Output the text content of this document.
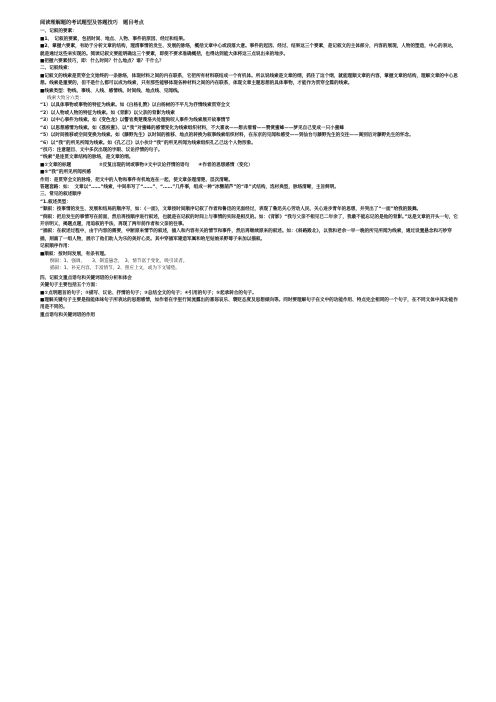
阅读理解题的考试题型及答题技巧　题目考点

一、记叙的要素：

■1、　记叙的要素，包括时间、地点、人物、事件的原因、经过和结果。

■2、掌握六要素，有助于分析文章的结构，理清事情的发生、发展的脉络，概括文章中心或段落大意。事件的起因、经过、结果这三个要素，是记叙文的主体部分，内容的展现，人物的塑造，中心的表达，就是通过这些来实现的。阅读记叙文要能明确这三个要素，即使不要求准确概括，也得达到能大体将这三点说出来的地步。

■把握六要素技巧，即：什么时间？什么地点？谁？干什么？

二、记叙线索：

■记叙文的线索是贯穿全文始终的一条脉络，体现材料之间的内在联系，它把所有材料联结成一个有机体。所以说线索是文章的纲，抓住了这个纲，就能理顺文章的内容，掌握文章的结构，理解文章的中心思想。线索是重要的，但不是什么都可以成为线索，只有那些能够体现各种材料之间的内在联系，体现文章主题思想的具体事物，才能作为贯穿全篇的线索。

■线索类型：物线、事线、人线、感情线、时间线、地点线、见闻线。

线索大致分六类：

“1）以具体事物或事物的特征为线索。如《白杨礼赞》以白杨树的不平凡为抒情线索贯穿全文

“2）以人物或人物的特征为线索。如《背影》以父亲的背影为线索

“3）以中心事件为线索。如《变色龙》以警官奥楚蔑洛夫处理狗咬人事件为线索展开故事情节

“4）以思想感情为线索。如《荔枝蜜》、以“我”对蜜蜂的感情变化为线索组织材料，不大喜欢——想去看看——赞赏蜜蜂——梦见自己变成一只小蜜蜂

“5）以时间推移或空间变换为线索。如《藤野先生》以时间的推移、地点的转换为叙事线索组织材料，在东京的见闻和感受——到仙台与藤野先生的交往——离别后对藤野先生的怀念。

“6）以“我”的所见所闻为线索。如《孔乙己》以小伙计“我”的所见所闻为线索组织孔乙己这个人物形象。

“技巧：注意题目、文中多次出现的字眼、议论抒情的句子。

“线索”是连贯文章结构的脉络，是文章的纲。

■①文章的标题　　　　　　②反复出现的词或事物③文中议论抒情的语句　　④作者的思想感情（变化）

■⑤“我”的所见所闻所感

作用：是贯穿全文的脉络，把文中的人物和事件有机地连在一起，使文章条理清楚、层次清晰。

答题套路：如：　文章以“……”线索，中间串写了“……”、“……”几件事，组成一种“冰糖葫芦”的“串”式结构，选材典型，脉络清晰，主旨鲜明。

三、常见的叙述顺序

“1.叙述类型：

“顺叙：按事情的发生、发展和结局的顺序写，如：《一面》，文章按时间顺序记叙了作者和鲁迅的见面经过，表现了鲁迅关心劳动人民、关心进步青年的思想，并突出了“一面”给我的鼓舞。

“倒叙：把后发生的事情写在前面，然后再按顺序进行叙述，也就是在记叙的时间上与事情的实际是相反的。如：《背影》“我与父亲不相见已二年余了，我最不能忘记的是他的背影。”这是文章的开头一句，它开宗明义，揭题点题，用追叙的手法，再现了两年前作者和父亲的往事。

“插叙：在叙述过程中，由于内容的需要，中断原来情节的叙述，插入和内容有关的情节和事件，然后再继续原来的叙述。如：《斜路殿北》，以我和老余一早一晚的所见所闻为线索，通过设置悬念和巧妙穿插，刻画了一组人物，展示了他们助人为乐的美好心灵。其中穿插军建造军属和哈尼姑娘采野莓子来加以描叙。

记叙顺序作用：

■顺叙：按时间发展，有条有理。

倒叙：1、强调，　　3、制造悬念，　3、情节富于变化，吸引读者。

插叙：1、补充内容，丰富情节。2、照应上文，或为下文铺垫。

四、记叙文重点语句和关键词语的分析和体会

关键句子主要包括五个方面：

■①点明题旨的句子；②描写、议论、抒情的句子；③总结全文的句子；④引用的句子；⑤起承转合的句子。

■理解关键句子主要是指能体味句子所表达的思想感情，如作者在字里行间流露出的喜怒哀乐、褒贬态度及思想倾向等。同时要理解句子在文中的功能作用、特点完全相同的一个句子，在不同文体中其功能作用是不同的。

重点语句和关键词语的作用
